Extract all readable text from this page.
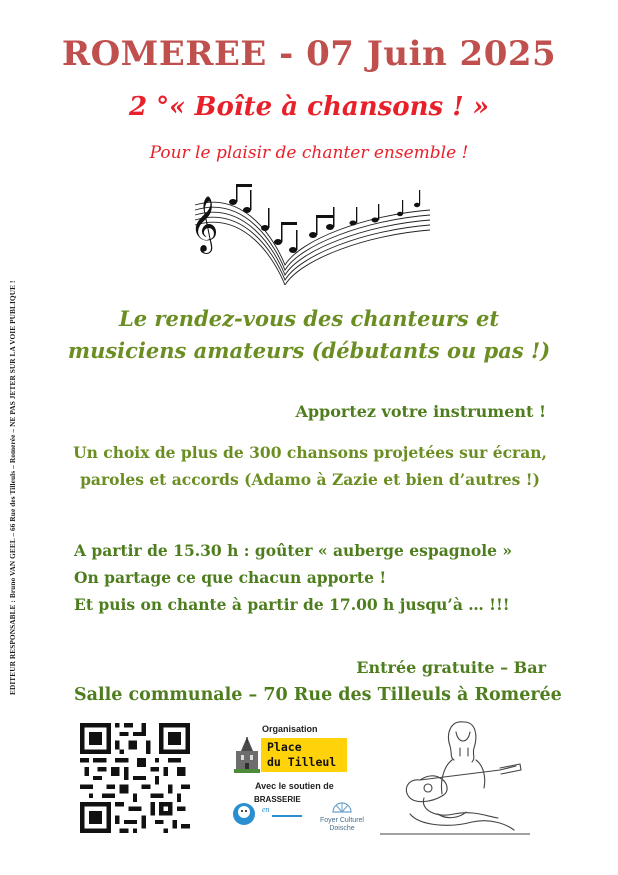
EDITEUR RESPONSABLE : Bruno VAN GEEL – 66 Rue des Tilleuls – Romerée – NE PAS JETER SUR LA VOIE PUBLIQUE !
ROMEREE - 07 Juin 2025
2 °« Boîte à chansons ! »
Pour le plaisir de chanter ensemble !
𝄞
Le rendez-vous des chanteurs et
musiciens amateurs (débutants ou pas !)
Apportez votre instrument !
Un choix de plus de 300 chansons projetées sur écran,
paroles et accords (Adamo à Zazie et bien d’autres !)
A partir de 15.30 h : goûter « auberge espagnole »
On partage ce que chacun apporte !
Et puis on chante à partir de 17.00 h jusqu’à … !!!
Entrée gratuite – Bar
Salle communale – 70 Rue des Tilleuls à Romerée
Organisation
Place
du Tilleul
Avec le soutien de
BRASSERIE
en
Foyer Culturel
Doische
